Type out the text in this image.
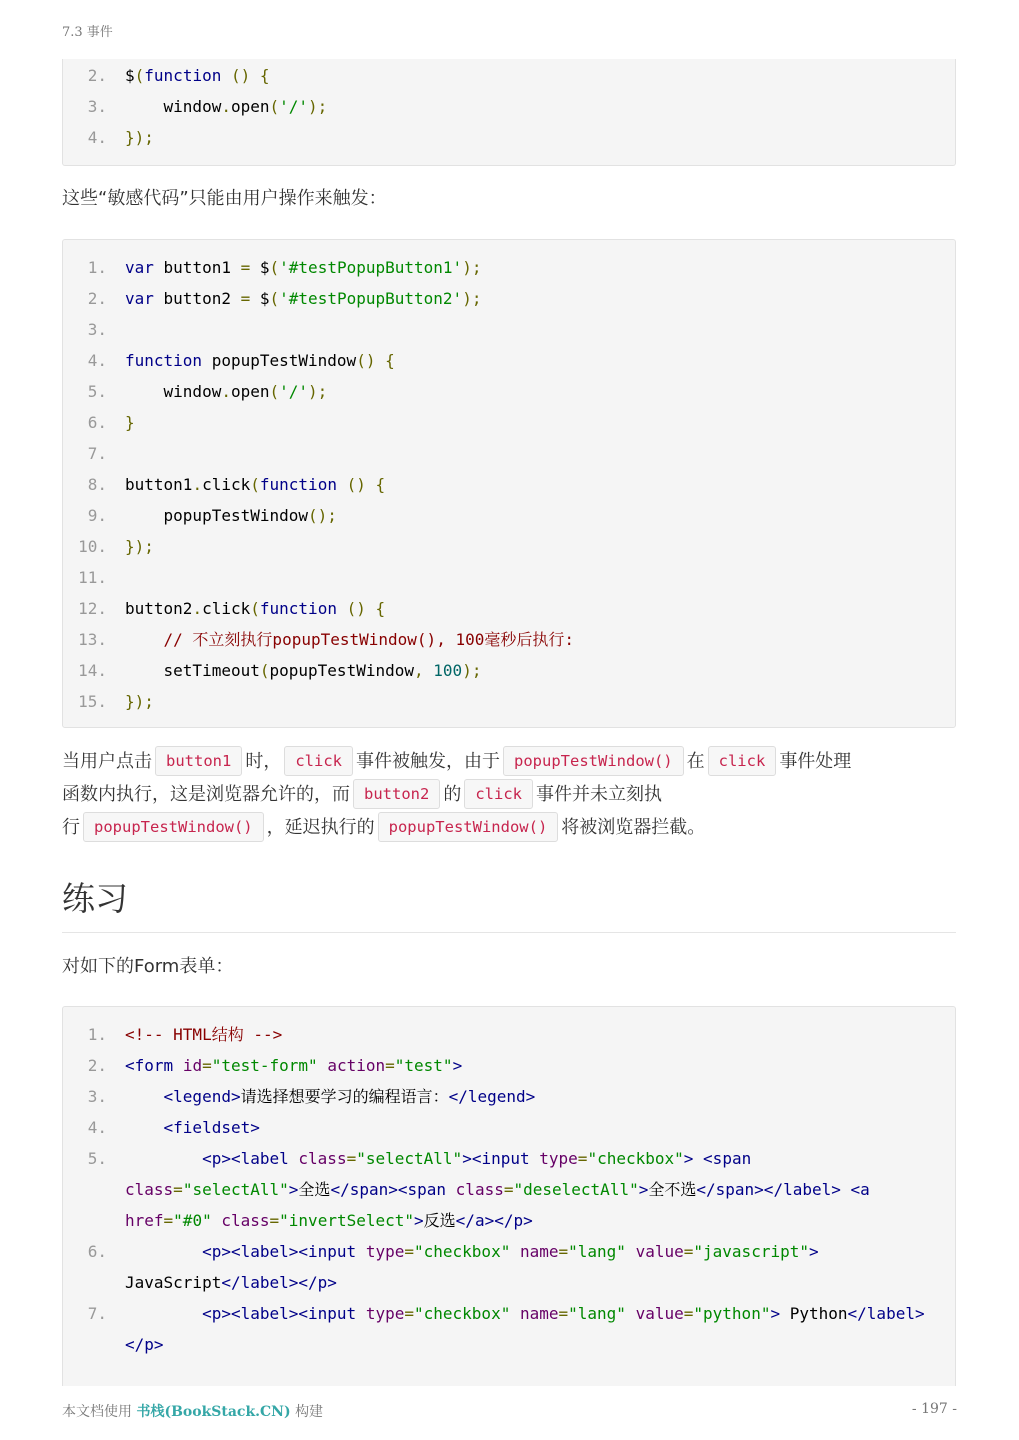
7.3 事件
2.	$(function () {
3.	window.open('/');
4.	});
这些“敏感代码”只能由用户操作来触发：
1.	var button1 = $('#testPopupButton1');
2.	var button2 = $('#testPopupButton2');
3.
4.	function popupTestWindow() {
5.	window.open('/');
6.	}
7.
8.	button1.click(function () {
9.	popupTestWindow();
10.	});
11.
12.	button2.click(function () {
13.	// 不立刻执行popupTestWindow(), 100毫秒后执行:
14.	setTimeout(popupTestWindow, 100);
15.	});
当用户点击 button1 时， click 事件被触发，由于 popupTestWindow() 在 click 事件处理
函数内执行，这是浏览器允许的，而 button2 的 click 事件并未立刻执
行 popupTestWindow() ，延迟执行的 popupTestWindow() 将被浏览器拦截。
练习
对如下的Form表单：
1.	<!-- HTML结构 -->
2.	<form id="test-form" action="test">
3.	<legend>请选择想要学习的编程语言：</legend>
4.	<fieldset>
5.	<p><label class="selectAll"><input type="checkbox"> <span class="selectAll">全选</span><span class="deselectAll">全不选</span></label> <a href="#0" class="invertSelect">反选</a></p>
6.	<p><label><input type="checkbox" name="lang" value="javascript"> JavaScript</label></p>
7.	<p><label><input type="checkbox" name="lang" value="python"> Python</label></p>
本文档使用 书栈(BookStack.CN) 构建	- 197 -
